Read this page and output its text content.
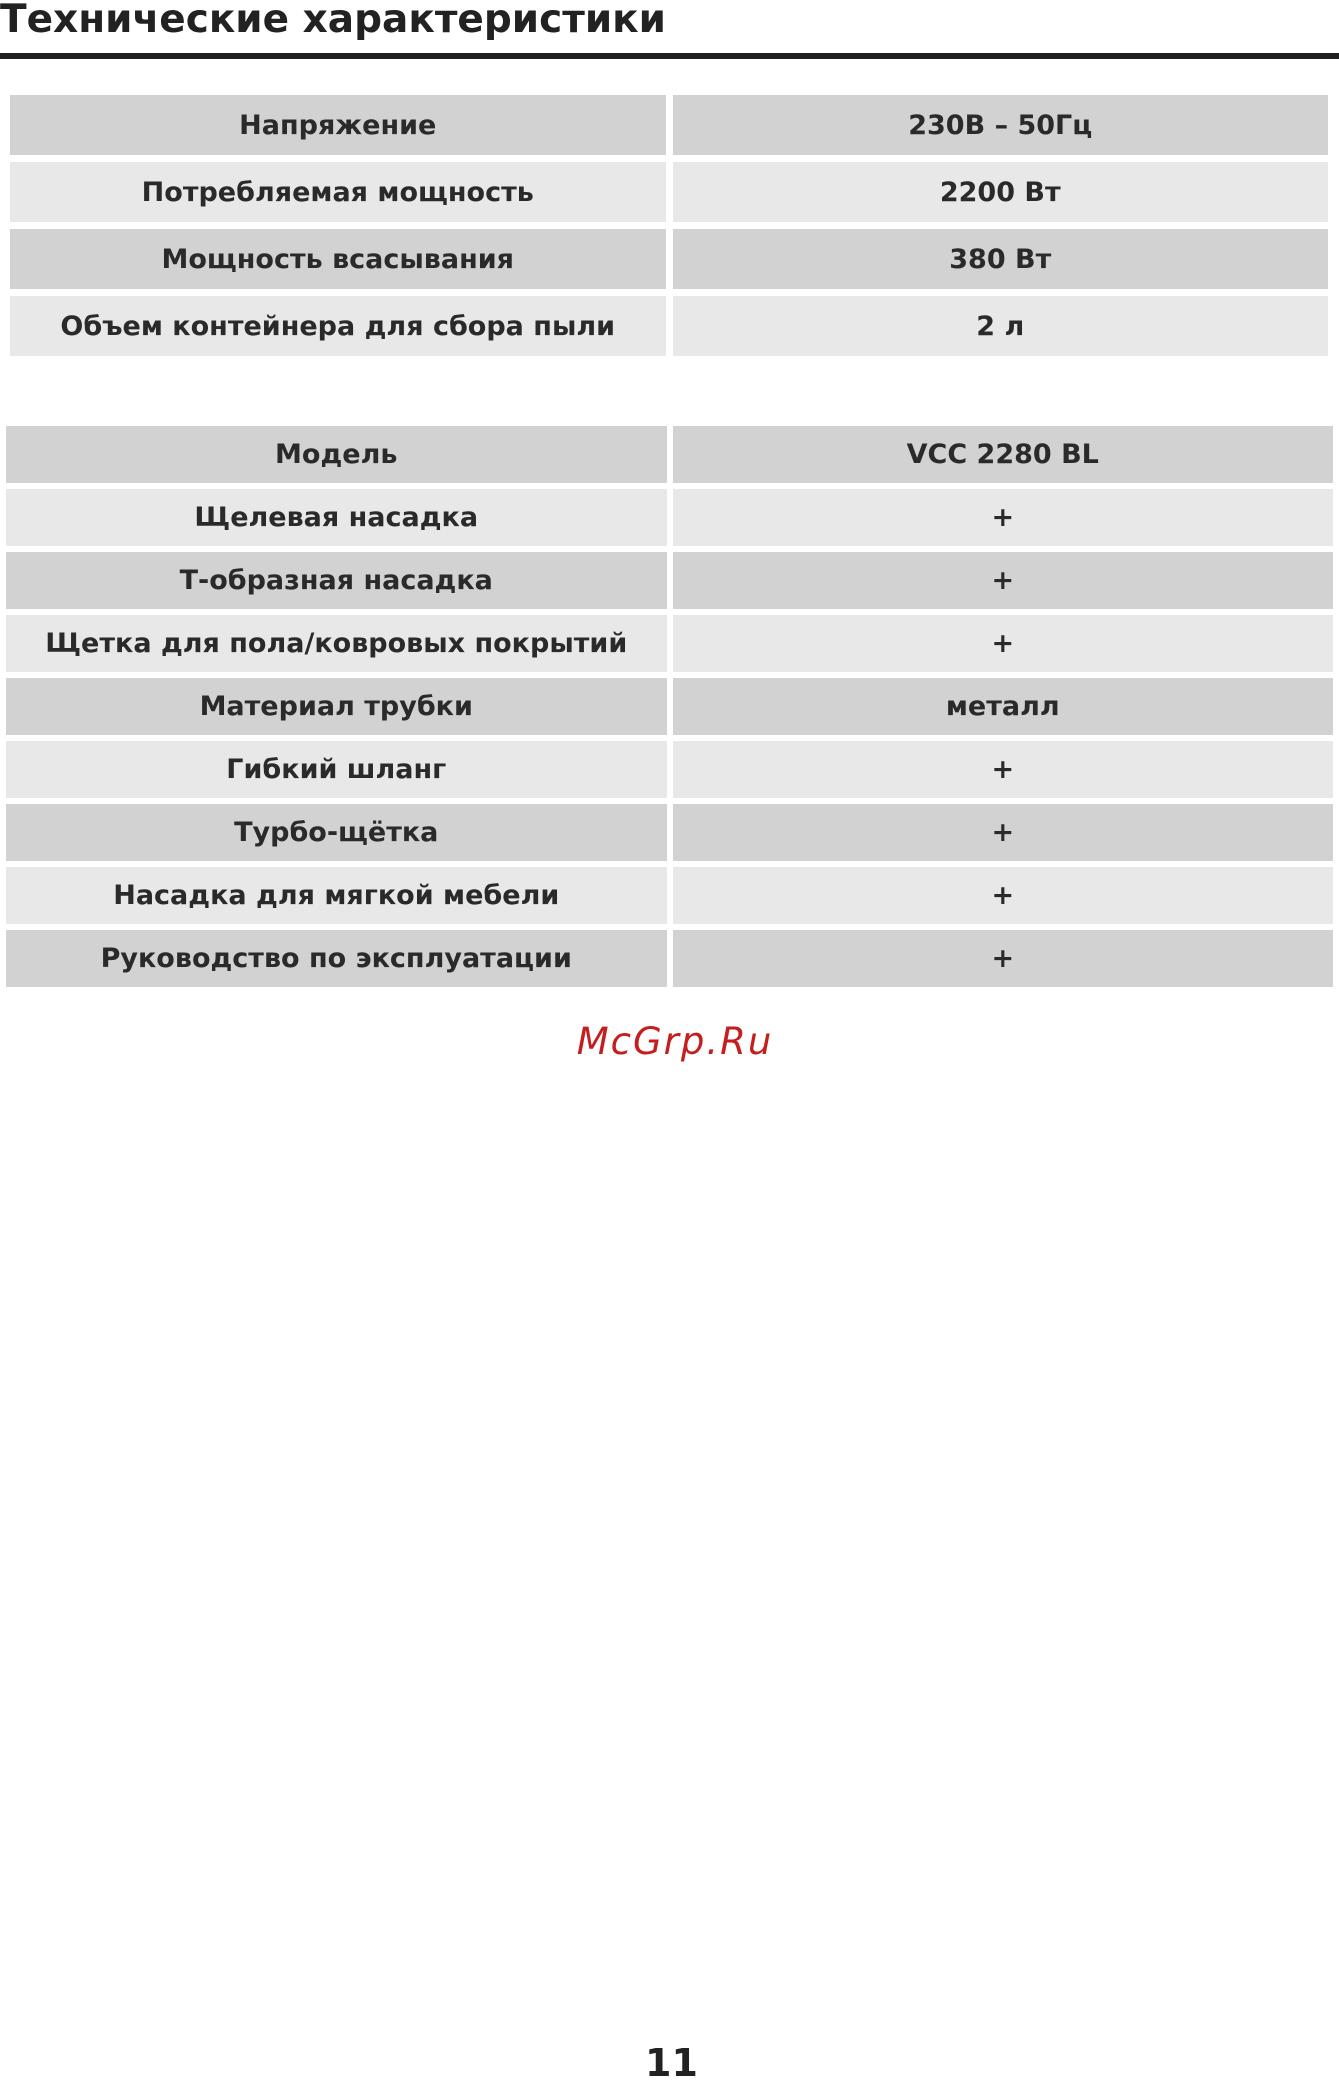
Технические характеристики
Напряжение	230В – 50Гц
Потребляемая мощность	2200 Вт
Мощность всасывания	380 Вт
Объем контейнера для сбора пыли	2 л
Модель	VCC 2280 BL
Щелевая насадка	+
Т-образная насадка	+
Щетка для пола/ковровых покрытий	+
Материал трубки	металл
Гибкий шланг	+
Турбо-щётка	+
Насадка для мягкой мебели	+
Руководство по эксплуатации	+
McGrp.Ru
11
